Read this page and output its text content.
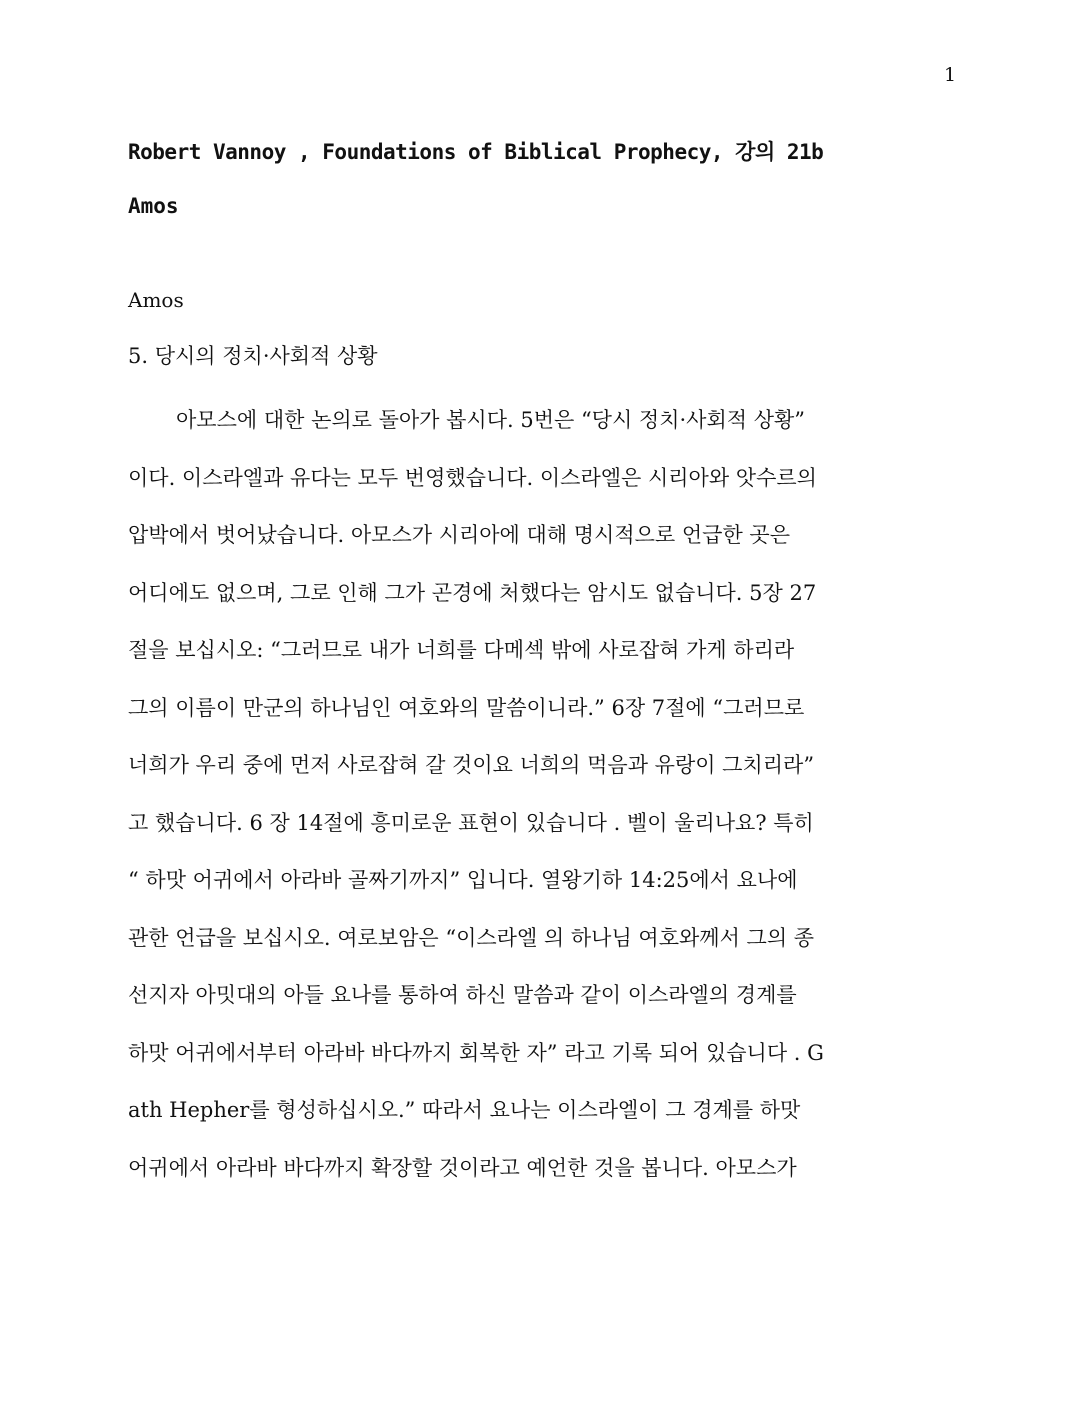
1
Robert Vannoy , Foundations of Biblical Prophecy, 강의 21b
Amos
Amos
5. 당시의 정치·사회적 상황
아모스에 대한 논의로 돌아가 봅시다. 5번은 “당시 정치·사회적 상황”
이다. 이스라엘과 유다는 모두 번영했습니다. 이스라엘은 시리아와 앗수르의
압박에서 벗어났습니다. 아모스가 시리아에 대해 명시적으로 언급한 곳은
어디에도 없으며, 그로 인해 그가 곤경에 처했다는 암시도 없습니다. 5장 27
절을 보십시오: “그러므로 내가 너희를 다메섹 밖에 사로잡혀 가게 하리라
그의 이름이 만군의 하나님인 여호와의 말씀이니라.” 6장 7절에 “그러므로
너희가 우리 중에 먼저 사로잡혀 갈 것이요 너희의 먹음과 유랑이 그치리라”
고 했습니다. 6 장 14절에 흥미로운 표현이 있습니다 . 벨이 울리나요? 특히
“ 하맛 어귀에서 아라바 골짜기까지” 입니다. 열왕기하 14:25에서 요나에
관한 언급을 보십시오. 여로보암은 “이스라엘 의 하나님 여호와께서 그의 종
선지자 아밋대의 아들 요나를 통하여 하신 말씀과 같이 이스라엘의 경계를
하맛 어귀에서부터 아라바 바다까지 회복한 자” 라고 기록 되어 있습니다 . G
ath Hepher를 형성하십시오.” 따라서 요나는 이스라엘이 그 경계를 하맛
어귀에서 아라바 바다까지 확장할 것이라고 예언한 것을 봅니다. 아모스가
